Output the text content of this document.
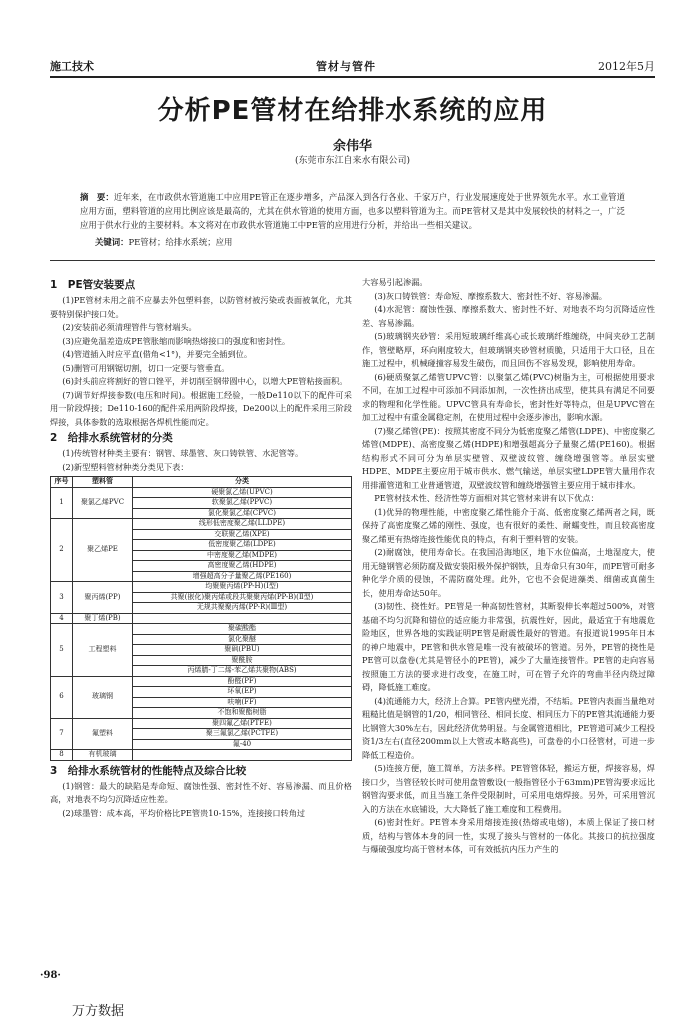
施工技术	管材与管件	2012年5月
分析PE管材在给排水系统的应用
余伟华
(东莞市东江自来水有限公司)
摘　要：近年来，在市政供水管道施工中应用PE管正在逐步增多，产品深入到各行各业、千家万户，行业发展速度处于世界领先水平。水工业管道应用方面，塑料管道的应用比例应该是最高的，尤其在供水管道的使用方面，也多以塑料管道为主。而PE管材又是其中发展较快的材料之一，广泛应用于供水行业的主要材料。本文将对在市政供水管道施工中PE管的应用进行分析，并给出一些相关建议。
关键词：PE管材；给排水系统；应用
1　PE管安装要点

(1)PE管材未用之前不应暴去外包塑料套，以防管材被污染或表面被氧化，尤其要特别保护接口处。

(2)安装前必须清理管件与管材端头。

(3)应避免温差造成PE管胀缩而影响热熔接口的强度和密封性。

(4)管道插入时应平直(借角<1°)，并要完全插到位。

(5)删管可用钢锯切割，切口一定要与管垂直。

(6)封头前应将割好的管口锉平，并切削至钢带圆中心，以增大PE管粘接面积。

(7)调节好焊接参数(电压和时间)。根据施工经验，一般De110以下的配件可采用一阶段焊接；De110-160的配件采用两阶段焊接，De200以上的配件采用三阶段焊接，具体参数的选取根据各焊机性能而定。

2　给排水系统管材的分类

(1)传统管材种类主要有：钢管、球墨管、灰口铸铁管、水泥管等。

(2)新型塑料管材种类分类见下表：

序号	塑料管	分类
1	聚氯乙烯PVC	硬聚氯乙烯(UPVC)
		软聚氯乙烯(PPVC)
		氯化聚氯乙烯(CPVC)
2	聚乙烯PE	线形低密度聚乙烯(LLDPE)
		交联聚乙烯(XPE)
		低密度聚乙烯(LDPE)
		中密度聚乙烯(MDPE)
		高密度聚乙烯(HDPE)
		增强超高分子量聚乙烯(PE160)
3	聚丙烯(PP)	均聚聚丙烯(PP-H)(Ⅰ型)
		共聚(嵌化)聚丙烯或段共聚聚丙烯(PP-B)(Ⅱ型)
		无规共聚聚丙烯(PP-R)(Ⅲ型)
4	聚丁烯(PB)	
5	工程塑料	聚碳酸酯
		氯化聚醚
		聚砜(PBU)
		聚酰胺
		丙烯腈-丁二烯-苯乙烯共聚物(ABS)
6	玻璃钢	酚醛(PF)
		环氧(EP)
		呋喃(FF)
		不饱和聚酯树脂
7	氟塑料	聚四氟乙烯(PTFE)
		聚三氟氯乙烯(PCTFE)
		氟-40
8	有机玻璃	
3　给排水系统管材的性能特点及综合比较

(1)钢管：最大的缺陷是寿命短、腐蚀性强、密封性不好、容易渗漏、而且价格高，对地表不均匀沉降适应性差。

(2)球墨管：成本高，平均价格比PE管贵10-15%，连接接口转角过

大容易引起渗漏。

(3)灰口铸铁管：寿命短、摩擦系数大、密封性不好、容易渗漏。

(4)水泥管：腐蚀性强、摩擦系数大、密封性不好、对地表不均匀沉降适应性差、容易渗漏。

(5)玻璃钢夹砂管：采用短玻璃纤维高心或长玻璃纤维缠绕，中间夹砂工艺制作，管壁略厚，环向刚度较大，但玻璃钢夹砂管材质脆，只适用于大口径，且在施工过程中，机械碰撞容易发生破伤，而且回伤不容易发现，影响使用寿命。

(6)硬质聚氯乙烯管UPVC管：以聚氯乙烯(PVC)树脂为主，可根据使用要求不同，在加工过程中可添加不同添加剂，一次性挤出成型，使其具有满足不同要求的物理和化学性能。UPVC管具有寿命长，密封性好等特点，但是UPVC管在加工过程中有重金属稳定剂，在使用过程中会逐步渗出，影响水源。

(7)聚乙烯管(PE)：按照其密度不同分为低密度聚乙烯管(LDPE)、中密度聚乙烯管(MDPE)、高密度聚乙烯(HDPE)和增强超高分子量聚乙烯(PE160)。根据结构形式不同可分为单层实壁管、双壁波纹管、缠绕增强管等。单层实壁HDPE、MDPE主要应用于城市供水、燃气输送，单层实壁LDPE管大量用作农用排灌管道和工业普通管道，双壁波纹管和缠绕增强管主要应用于城市排水。

PE管材技术性、经济性等方面相对其它管材来讲有以下优点：

(1)优异的物理性能，中密度聚乙烯性能介于高、低密度聚乙烯两者之间，既保持了高密度聚乙烯的刚性、强度，也有很好的柔性、耐蠕变性，而且较高密度聚乙烯更有热熔连接性能优良的特点，有利于塑料管的安装。

(2)耐腐蚀，使用寿命长。在我国沿海地区，地下水位偏高，土地湿度大，使用无缝钢管必须防腐及做安装阳极外保护钢铁，且寿命只有30年，而PE管可耐多种化学介质的侵蚀，不需防腐处理。此外，它也不会促进藻类、细菌或真菌生长，使用寿命达50年。

(3)韧性、挠性好。PE管是一种高韧性管材，其断裂伸长率超过500%，对管基础不均匀沉降和错位的适应能力非常强，抗震性好，因此，最适宜于有地震危险地区，世界各地的实践证明PE管是耐震性最好的管道。有报道说1995年日本的神户地震中，PE管和供水管是唯一没有被破坏的管道。另外，PE管的挠性是PE管可以盘卷(尤其是管径小的PE管)，减少了大量连接管件。PE管的走向容易按照施工方法的要求进行改变，在施工时，可在管子允许的弯曲半径内绕过障碍，降低施工难度。

(4)流通能力大，经济上合算。PE管内壁光滑，不结垢。PE管内表面当量绝对粗糙比值是钢管的1/20，相同管径、相同长度、相同压力下的PE管其流通能力要比钢管大30%左右，因此经济优势明显。与金属管道相比，PE管道可减少工程投资1/3左右(直径200mm以上大管或本略高些)，可盘卷的小口径管材，可进一步降低工程造价。

(5)连接方便，施工简单，方法多样。PE管管体轻，搬运方便，焊接容易，焊接口少，当管径较长时可使用盘管敷设(一般指管径小于63mm)PE管沟要求远比钢管沟要求低，而且当施工条件受限制时，可采用电熔焊接。另外，可采用管沉入的方法在水底铺设，大大降低了施工难度和工程费用。

(6)密封性好。PE管本身采用熔接连接(热熔或电熔)，本质上保证了接口材质，结构与管体本身的同一性，实现了接头与管材的一体化。其接口的抗拉强度与爆破强度均高于管材本体，可有效抵抗内压力产生的

·98·
万方数据
